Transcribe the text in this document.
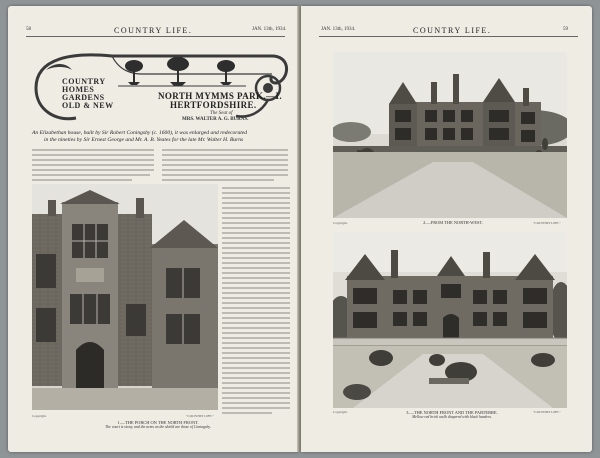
58	COUNTRY LIFE.	JAN. 13th, 1934.
COUNTRY
HOMES
GARDENS
OLD & NEW
NORTH MYMMS PARK.—I.
HERTFORDSHIRE.
The Seat of
MRS. WALTER A. G. BURNS.
An Elizabethan house, built by Sir Robert Coningsby (c. 1600), it was enlarged and redecorated
in the nineties by Sir Ernest George and Mr. A. B. Yeates for the late Mr. Walter H. Burns
Copyright.	"COUNTRY LIFE."
1.—THE PORCH ON THE NORTH FRONT.
The court is stony, and the arms on the shield are those of Coningsby.
JAN. 13th, 1934.	COUNTRY LIFE.	59
Copyright.	"COUNTRY LIFE."
2.—FROM THE NORTH-WEST.
Copyright.	"COUNTRY LIFE."
3.—THE NORTH FRONT AND THE PARTERRE.
Mellow red brick walls diapered with black headers.
